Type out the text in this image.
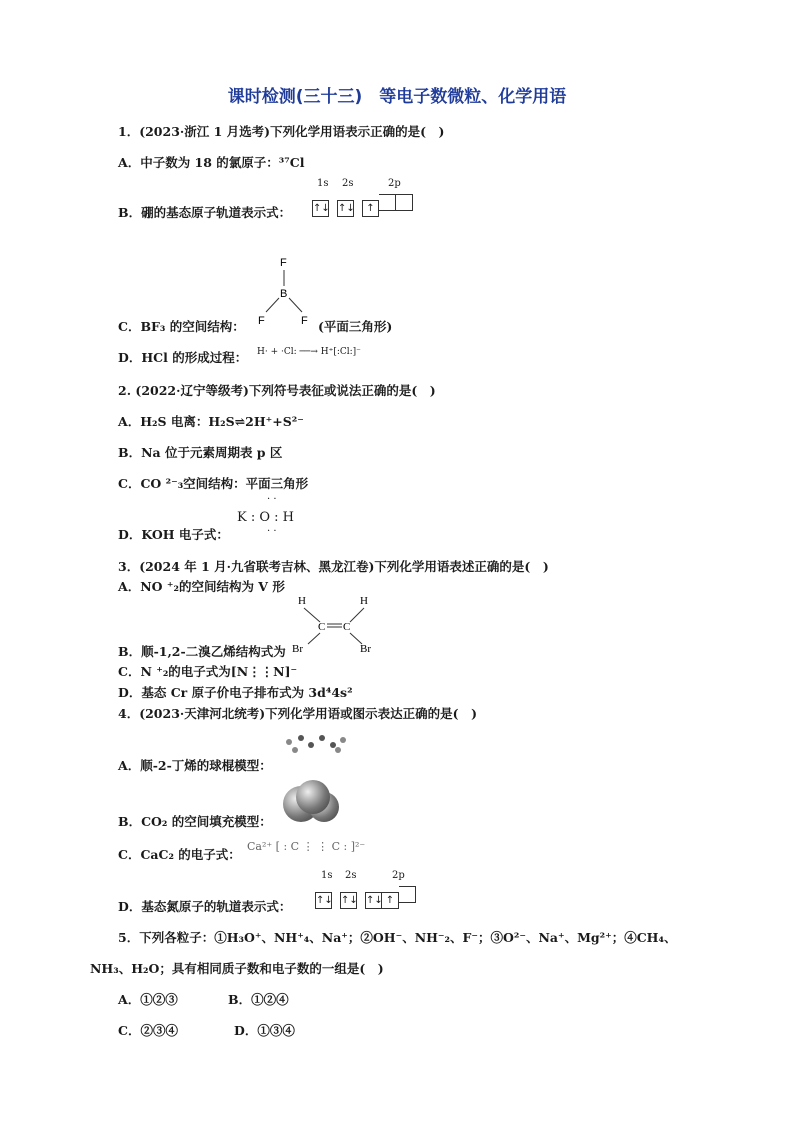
课时检测(三十三)　等电子数微粒、化学用语
1．(2023·浙江 1 月选考)下列化学用语表示正确的是(　)
A．中子数为 18 的氯原子：³⁷Cl
1s 2s	2p
B．硼的基态原子轨道表示式： ↑↓ ↑↓ ↑
F
B
F	F
C．BF₃ 的空间结构：	(平面三角形)
D．HCl 的形成过程： H· + ·Cl: ──→ H⁺[:Cl:]⁻
2. (2022·辽宁等级考)下列符号表征或说法正确的是(　)
A．H₂S 电离：H₂S⇌2H⁺+S²⁻
B．Na 位于元素周期表 p 区
C．CO ²⁻₃空间结构：平面三角形
D．KOH 电子式：
· ·
K : O : H
· ·
3．(2024 年 1 月·九省联考吉林、黑龙江卷)下列化学用语表述正确的是(　)
A．NO ⁺₂的空间结构为 V 形
H	H
C C
Br	Br
B．顺-1,2-二溴乙烯结构式为
C．N ⁺₂的电子式为[N⋮⋮N]⁻
D．基态 Cr 原子价电子排布式为 3d⁴4s²
4．(2023·天津河北统考)下列化学用语或图示表达正确的是(　)
A．顺-2-丁烯的球棍模型：
B．CO₂ 的空间填充模型：
C．CaC₂ 的电子式：
Ca²⁺ [ : C ⋮ ⋮ C : ]²⁻
1s 2s	2p
↑↓ ↑↓ ↑↓ ↑
D．基态氮原子的轨道表示式：
5．下列各粒子：①H₃O⁺、NH⁺₄、Na⁺；②OH⁻、NH⁻₂、F⁻；③O²⁻、Na⁺、Mg²⁺；④CH₄、
NH₃、H₂O；具有相同质子数和电子数的一组是(　)
A．①②③	B．①②④
C．②③④	D．①③④
